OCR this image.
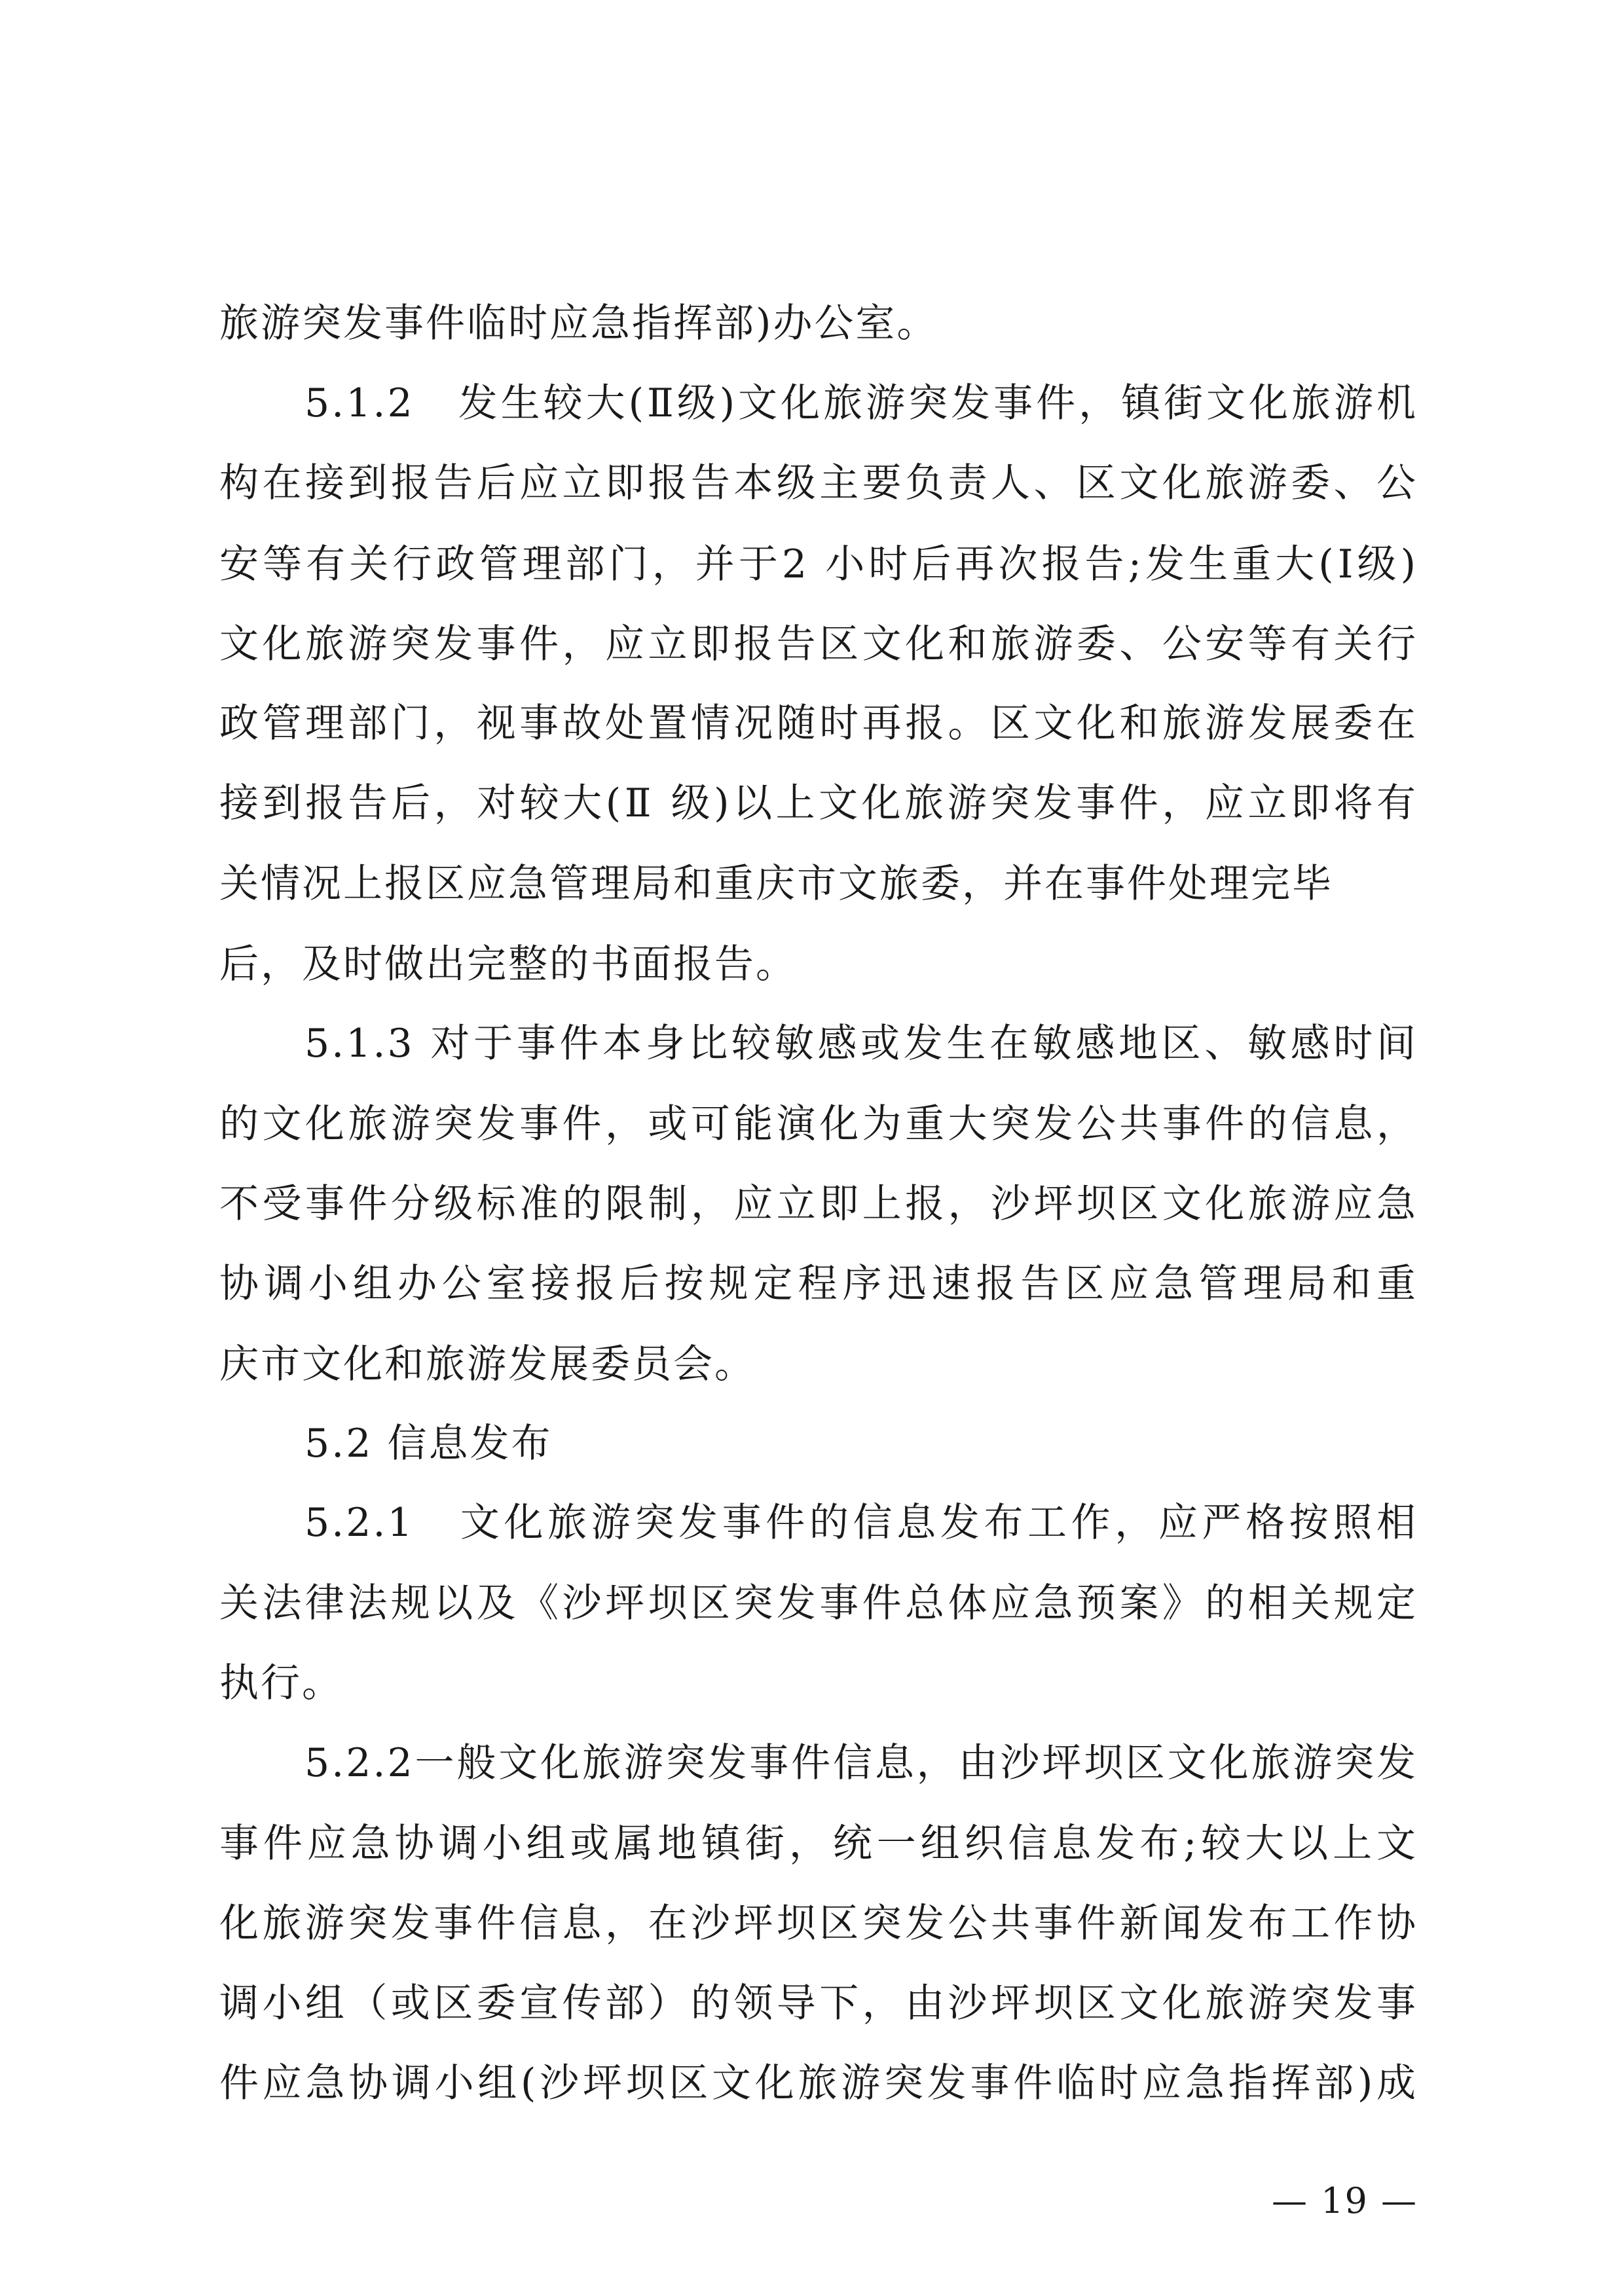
旅游突发事件临时应急指挥部)办公室。
5.1.2　发生较大(Ⅱ级)文化旅游突发事件，镇街文化旅游机
构在接到报告后应立即报告本级主要负责人、区文化旅游委、公
安等有关行政管理部门，并于2 小时后再次报告;发生重大(Ⅰ级)
文化旅游突发事件，应立即报告区文化和旅游委、公安等有关行
政管理部门，视事故处置情况随时再报。区文化和旅游发展委在
接到报告后，对较大(Ⅱ 级)以上文化旅游突发事件，应立即将有
关情况上报区应急管理局和重庆市文旅委，并在事件处理完毕
后，及时做出完整的书面报告。
5.1.3 对于事件本身比较敏感或发生在敏感地区、敏感时间
的文化旅游突发事件，或可能演化为重大突发公共事件的信息，
不受事件分级标准的限制，应立即上报，沙坪坝区文化旅游应急
协调小组办公室接报后按规定程序迅速报告区应急管理局和重
庆市文化和旅游发展委员会。
5.2 信息发布
5.2.1　文化旅游突发事件的信息发布工作，应严格按照相
关法律法规以及《沙坪坝区突发事件总体应急预案》的相关规定
执行。
5.2.2一般文化旅游突发事件信息，由沙坪坝区文化旅游突发
事件应急协调小组或属地镇街，统一组织信息发布;较大以上文
化旅游突发事件信息，在沙坪坝区突发公共事件新闻发布工作协
调小组（或区委宣传部）的领导下，由沙坪坝区文化旅游突发事
件应急协调小组(沙坪坝区文化旅游突发事件临时应急指挥部)成
— 19 —
